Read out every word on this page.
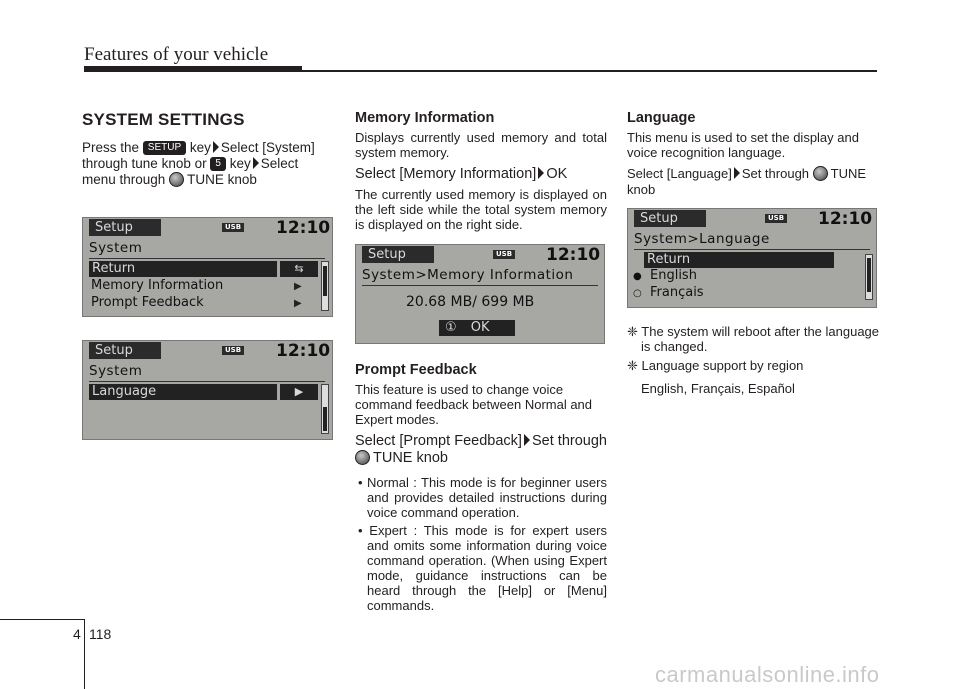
Features of your vehicle
SYSTEM SETTINGS

Press the SETUP key Select [System] through tune knob or 5 key Select menu through TUNE knob

Setup	USB 12:10
System
Return	⇆
Memory Information	▶
Prompt Feedback	▶
Setup	USB 12:10
System
Language	▶
Memory Information

Displays currently used memory and total system memory.

Select [Memory Information] OK

The currently used memory is displayed on the left side while the total system memory is displayed on the right side.

Setup	USB 12:10
System>Memory Information
20.68 MB/ 699 MB
① OK
Prompt Feedback

This feature is used to change voice command feedback between Normal and Expert modes.

Select [Prompt Feedback] Set through TUNE knob

• Normal : This mode is for beginner users and provides detailed instructions during voice command operation.
• Expert : This mode is for expert users and omits some information during voice command operation. (When using Expert mode, guidance instructions can be heard through the [Help] or [Menu] commands.
Language

This menu is used to set the display and voice recognition language.

Select [Language] Set through TUNE knob

Setup	USB 12:10
System>Language
Return
● English
○ Français

❈ The system will reboot after the language is changed.

❈ Language support by region

English, Français, Español
4 118
carmanualsonline.info
